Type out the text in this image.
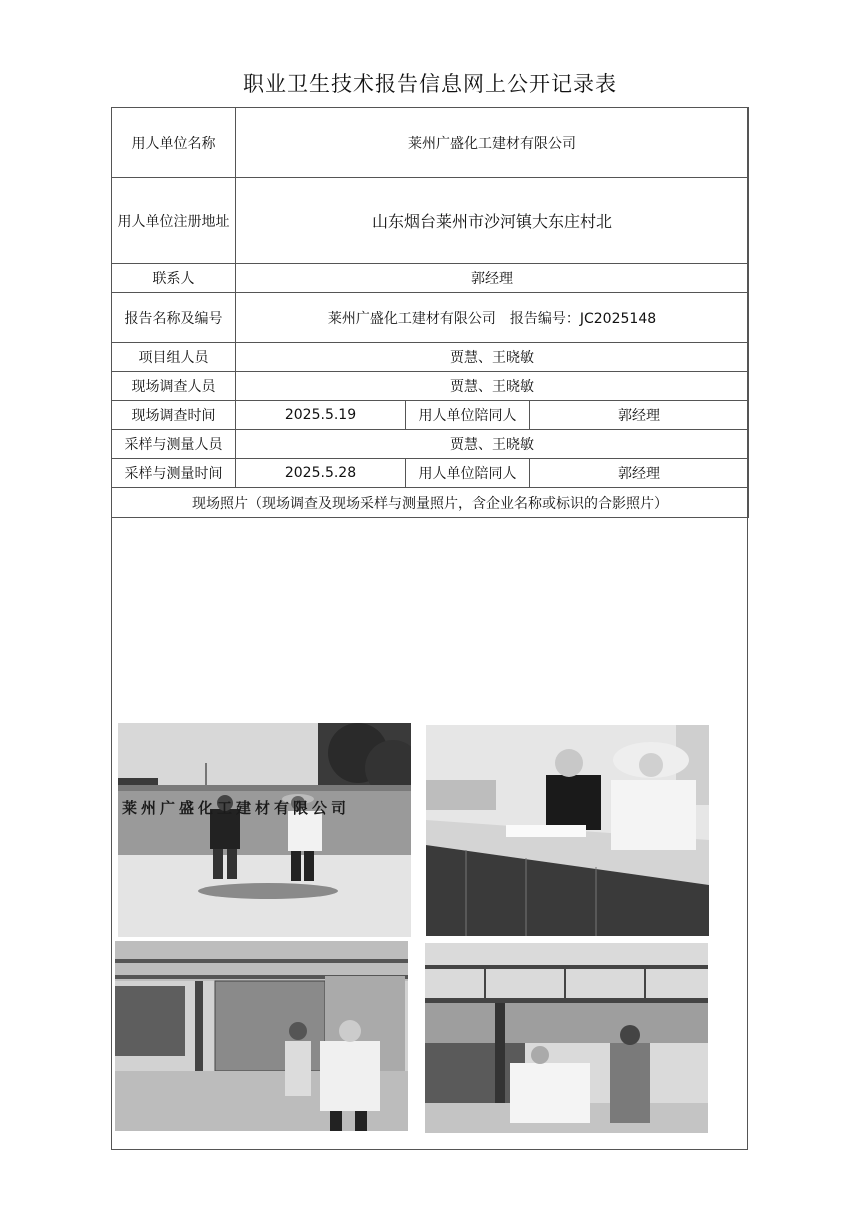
职业卫生技术报告信息网上公开记录表
用人单位名称	莱州广盛化工建材有限公司		
用人单位注册地址	山东烟台莱州市沙河镇大东庄村北		
联系人	郭经理		
报告名称及编号	莱州广盛化工建材有限公司　报告编号：JC2025148		
项目组人员	贾慧、王晓敏		
现场调查人员	贾慧、王晓敏		
现场调查时间	2025.5.19	用人单位陪同人	郭经理
采样与测量人员	贾慧、王晓敏		
采样与测量时间	2025.5.28	用人单位陪同人	郭经理
现场照片（现场调查及现场采样与测量照片，含企业名称或标识的合影照片）			
莱州广盛化工建材有限公司
